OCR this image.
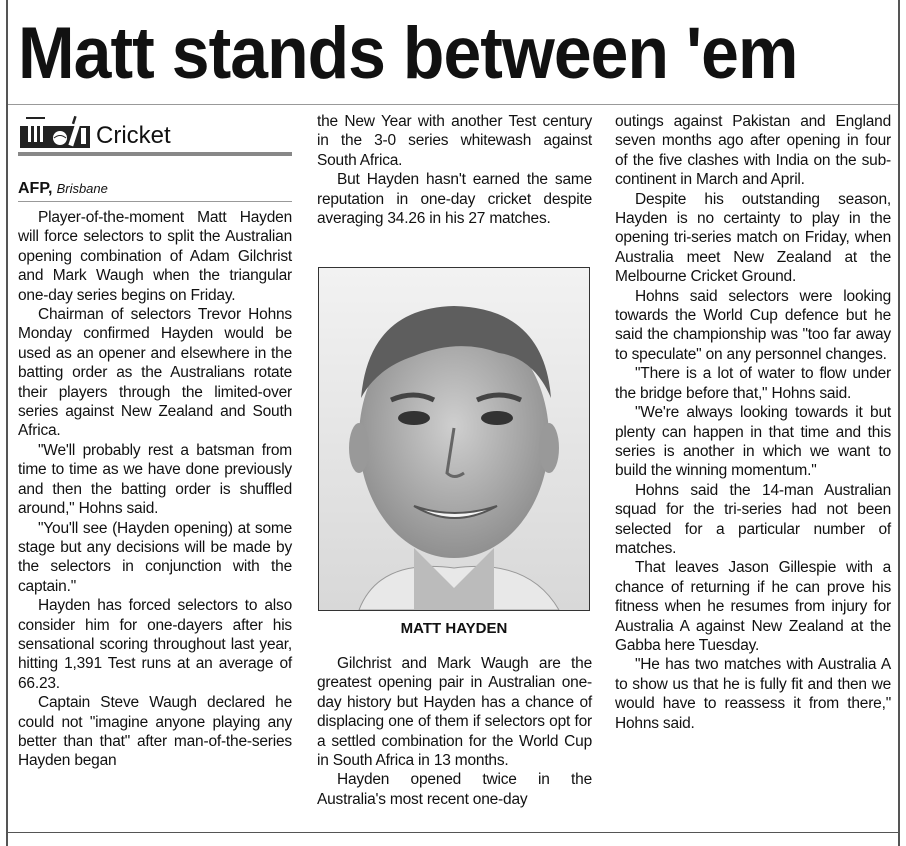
Matt stands between 'em
Cricket
AFP, Brisbane

Player-of-the-moment Matt Hayden will force selectors to split the Australian opening combination of Adam Gilchrist and Mark Waugh when the triangular one-day series begins on Friday.

Chairman of selectors Trevor Hohns Monday confirmed Hayden would be used as an opener and elsewhere in the batting order as the Australians rotate their players through the limited-over series against New Zealand and South Africa.

"We'll probably rest a batsman from time to time as we have done previously and then the batting order is shuffled around," Hohns said.

"You'll see (Hayden opening) at some stage but any decisions will be made by the selectors in conjunction with the captain."

Hayden has forced selectors to also consider him for one-dayers after his sensational scoring throughout last year, hitting 1,391 Test runs at an average of 66.23.

Captain Steve Waugh declared he could not "imagine anyone playing any better than that" after man-of-the-series Hayden began

the New Year with another Test century in the 3-0 series whitewash against South Africa.

But Hayden hasn't earned the same reputation in one-day cricket despite averaging 34.26 in his 27 matches.

MATT HAYDEN

Gilchrist and Mark Waugh are the greatest opening pair in Australian one-day history but Hayden has a chance of displacing one of them if selectors opt for a settled combination for the World Cup in South Africa in 13 months.

Hayden opened twice in the Australia's most recent one-day

outings against Pakistan and England seven months ago after opening in four of the five clashes with India on the sub-continent in March and April.

Despite his outstanding season, Hayden is no certainty to play in the opening tri-series match on Friday, when Australia meet New Zealand at the Melbourne Cricket Ground.

Hohns said selectors were looking towards the World Cup defence but he said the championship was "too far away to speculate" on any personnel changes.

"There is a lot of water to flow under the bridge before that," Hohns said.

"We're always looking towards it but plenty can happen in that time and this series is another in which we want to build the winning momentum."

Hohns said the 14-man Australian squad for the tri-series had not been selected for a particular number of matches.

That leaves Jason Gillespie with a chance of returning if he can prove his fitness when he resumes from injury for Australia A against New Zealand at the Gabba here Tuesday.

"He has two matches with Australia A to show us that he is fully fit and then we would have to reassess it from there," Hohns said.
